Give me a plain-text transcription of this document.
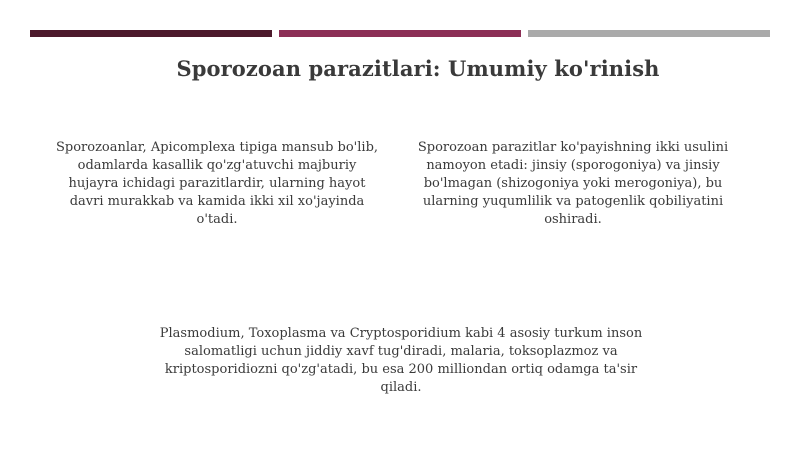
Sporozoan parazitlari: Umumiy ko'rinish
Sporozoanlar, Apicomplexa tipiga mansub bo'lib, odamlarda kasallik qo'zg'atuvchi majburiy hujayra ichidagi parazitlardir, ularning hayot davri murakkab va kamida ikki xil xo'jayinda o'tadi.
Sporozoan parazitlar ko'payishning ikki usulini namoyon etadi: jinsiy (sporogoniya) va jinsiy bo'lmagan (shizogoniya yoki merogoniya), bu ularning yuqumlilik va patogenlik qobiliyatini oshiradi.
Plasmodium, Toxoplasma va Cryptosporidium kabi 4 asosiy turkum inson salomatligi uchun jiddiy xavf tug'diradi, malaria, toksoplazmoz va kriptosporidiozni qo'zg'atadi, bu esa 200 milliondan ortiq odamga ta'sir qiladi.
